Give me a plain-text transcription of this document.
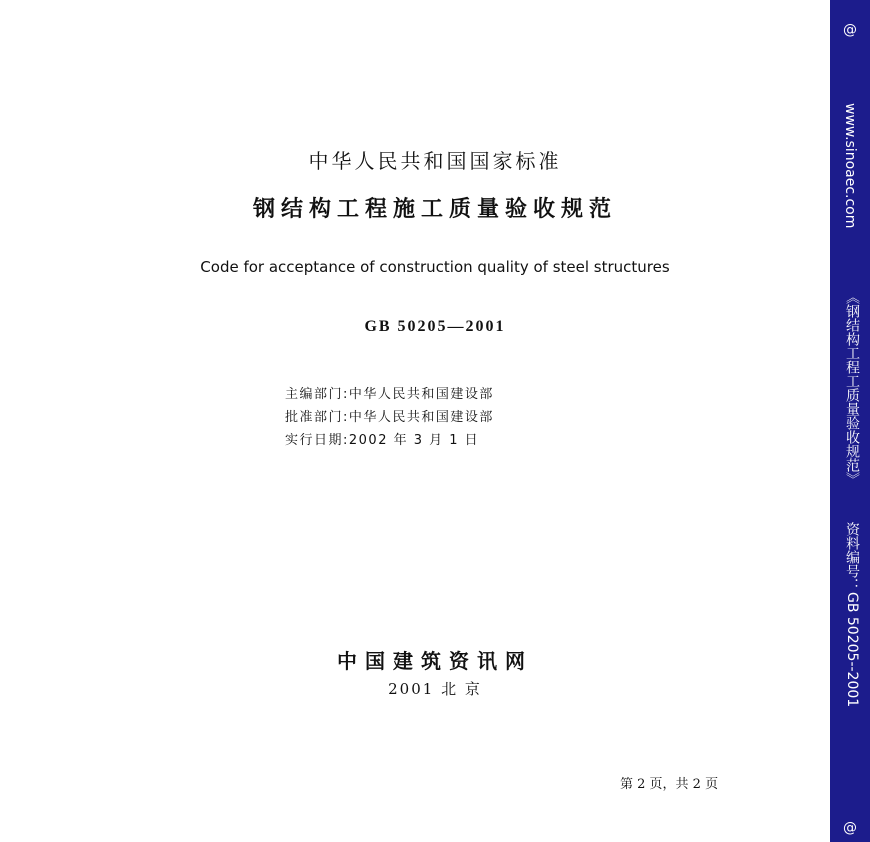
中华人民共和国国家标准
钢结构工程施工质量验收规范
Code for acceptance of construction quality of steel structures
GB 50205—2001
主编部门:中华人民共和国建设部
批准部门:中华人民共和国建设部
实行日期:2002 年 3 月 1 日
中国建筑资讯网
2001 北 京
第 2 页，共 2 页
@
www.sinoaec.com
《钢结构工程工质量验收规范》
资料编号：GB 50205--2001
@
